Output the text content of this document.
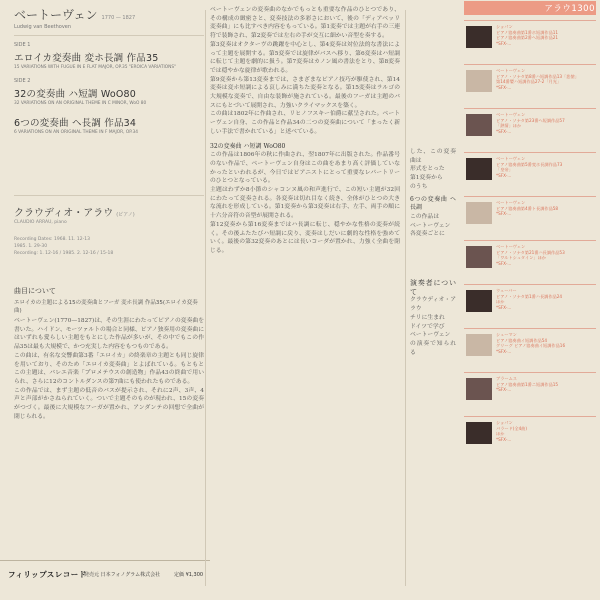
ベートーヴェン 1770 — 1827
Ludwig van Beethoven
SIDE 1
エロイカ変奏曲 変ホ長調 作品35
15 VARIATIONS WITH FUGUE IN E FLAT MAJOR, OP.35 "EROICA VARIATIONS"
SIDE 2
32の変奏曲 ハ短調 WoO80
32 VARIATIONS ON AN ORIGINAL THEME IN C MINOR, WoO 80
6つの変奏曲 ヘ長調 作品34
6 VARIATIONS ON AN ORIGINAL THEME IN F MAJOR, OP.34
クラウディオ・アラウ (ピアノ)
CLAUDIO ARRAU, piano
Recording Dates: 1968. 11. 12-13
1985. 1. 29-30
Recording: 1. 12-16 / 1985. 2. 12-16 / 15-18
曲目について
エロイカの主題による15の変奏曲とフーガ 変ホ長調 作品35(エロイカ変奏曲)

ベートーヴェン(1770—1827)は、その生涯にわたってピアノの変奏曲を書いた。ハイドン、モーツァルトの場合と同様、ピアノ独奏用の変奏曲にはいずれも愛らしい主題をもとにした作品が多いが、その中でもこの作品35は最も大規模で、かつ充実した内容をもつものである。

この曲は、有名な交響曲第3番「エロイカ」の終楽章の主題とも同じ旋律を用いており、そのため「エロイカ変奏曲」とよばれている。もともとこの主題は、バレエ音楽「プロメテウスの創造物」作品43の終曲で用いられ、さらに12のコントルダンスの第7曲にも使われたものである。

この作品では、まず主題の低音のバスが提示され、それに2声、3声、4声と声部がかさねられていく。ついで主題そのものが現われ、15の変奏がつづく。最後に大規模なフーガが置かれ、アンダンテの回想で全曲が閉じられる。

フィリップスレコード
発売元 日本フォノグラム株式会社	定価 ¥1,300

ベートーヴェンの変奏曲のなかでもっとも重要な作品のひとつであり、その構成の緻密さと、変奏技法の多彩さにおいて、後の「ディアベッリ変奏曲」にも比すべき内容をもっている。第1変奏では主題が右手の三連符で装飾され、第2変奏では左右の手が交互に細かい音型を奏する。

第3変奏はオクターヴの跳躍を中心とし、第4変奏は対位法的な書法によって主題を展開する。第5変奏では旋律がバスへ移り、第6変奏はハ短調に転じて主題を劇的に扱う。第7変奏はカノン風の書法をとり、第8変奏では穏やかな旋律が歌われる。

第9変奏から第13変奏までは、さまざまなピアノ技巧が駆使され、第14変奏は変ホ短調による哀しみに満ちた変奏となる。第15変奏はラルゴの大規模な変奏で、自由な装飾が施されている。最後のフーガは主題のバスにもとづいて展開され、力強いクライマックスを築く。

この曲は1802年に作曲され、リヒノフスキー伯爵に献呈された。ベートーヴェン自身、この作品と作品34の二つの変奏曲について「まったく新しい手法で書かれている」と述べている。

32の変奏曲 ハ短調 WoO80

この作品は1806年の秋に作曲され、翌1807年に出版された。作品番号のない作品で、ベートーヴェン自身はこの曲をあまり高く評価していなかったといわれるが、今日ではピアニストにとって重要なレパートリーのひとつとなっている。

主題はわずか8小節のシャコンヌ風の和声進行で、この短い主題が32回にわたって変奏される。各変奏は切れ目なく続き、全体がひとつの大きな流れを形成している。第1変奏から第3変奏は右手、左手、両手の順に十六分音符の音型が展開される。

第12変奏から第16変奏まではハ長調に転じ、穏やかな性格の変奏が続く。その後ふたたびハ短調に戻り、変奏はしだいに劇的な性格を強めていく。最後の第32変奏のあとには長いコーダが置かれ、力強く全曲を閉じる。

した、この変奏曲は

形式をとった

第1変奏から

のうち

6つの変奏曲 ヘ長調

この作品は

ベートーヴェン

各変奏ごとに

演奏者について

クラウディオ・アラウ

チリに生まれ

ドイツで学び

ベートーヴェン

の演奏で知られる

アラウ1300
ショパン
ピアノ協奏曲第1番ホ短調作品11
ピアノ協奏曲第2番ヘ短調作品21
*SFX-...
ベートーヴェン
ピアノ・ソナタ第8番ハ短調作品13「悲愴」
第14番嬰ハ短調作品27-2「月光」
*SFX-...
ベートーヴェン
ピアノ・ソナタ第23番ヘ短調作品57
「熱情」ほか
*SFX-...
ベートーヴェン
ピアノ協奏曲第5番変ホ長調作品73
「皇帝」
*SFX-...
ベートーヴェン
ピアノ協奏曲第4番ト長調作品58
*SFX-...
ベートーヴェン
ピアノ・ソナタ第21番ハ長調作品53
「ワルトシュタイン」ほか
*SFX-...
ウェーバー
ピアノ・ソナタ第1番ハ長調作品24
ほか
*SFX-...
シューマン
ピアノ協奏曲イ短調作品54
グリーグ ピアノ協奏曲イ短調作品16
*SFX-...
ブラームス
ピアノ協奏曲第1番ニ短調作品15
*SFX-...
ショパン
バラード(全4曲)
ほか
*SFX-...
